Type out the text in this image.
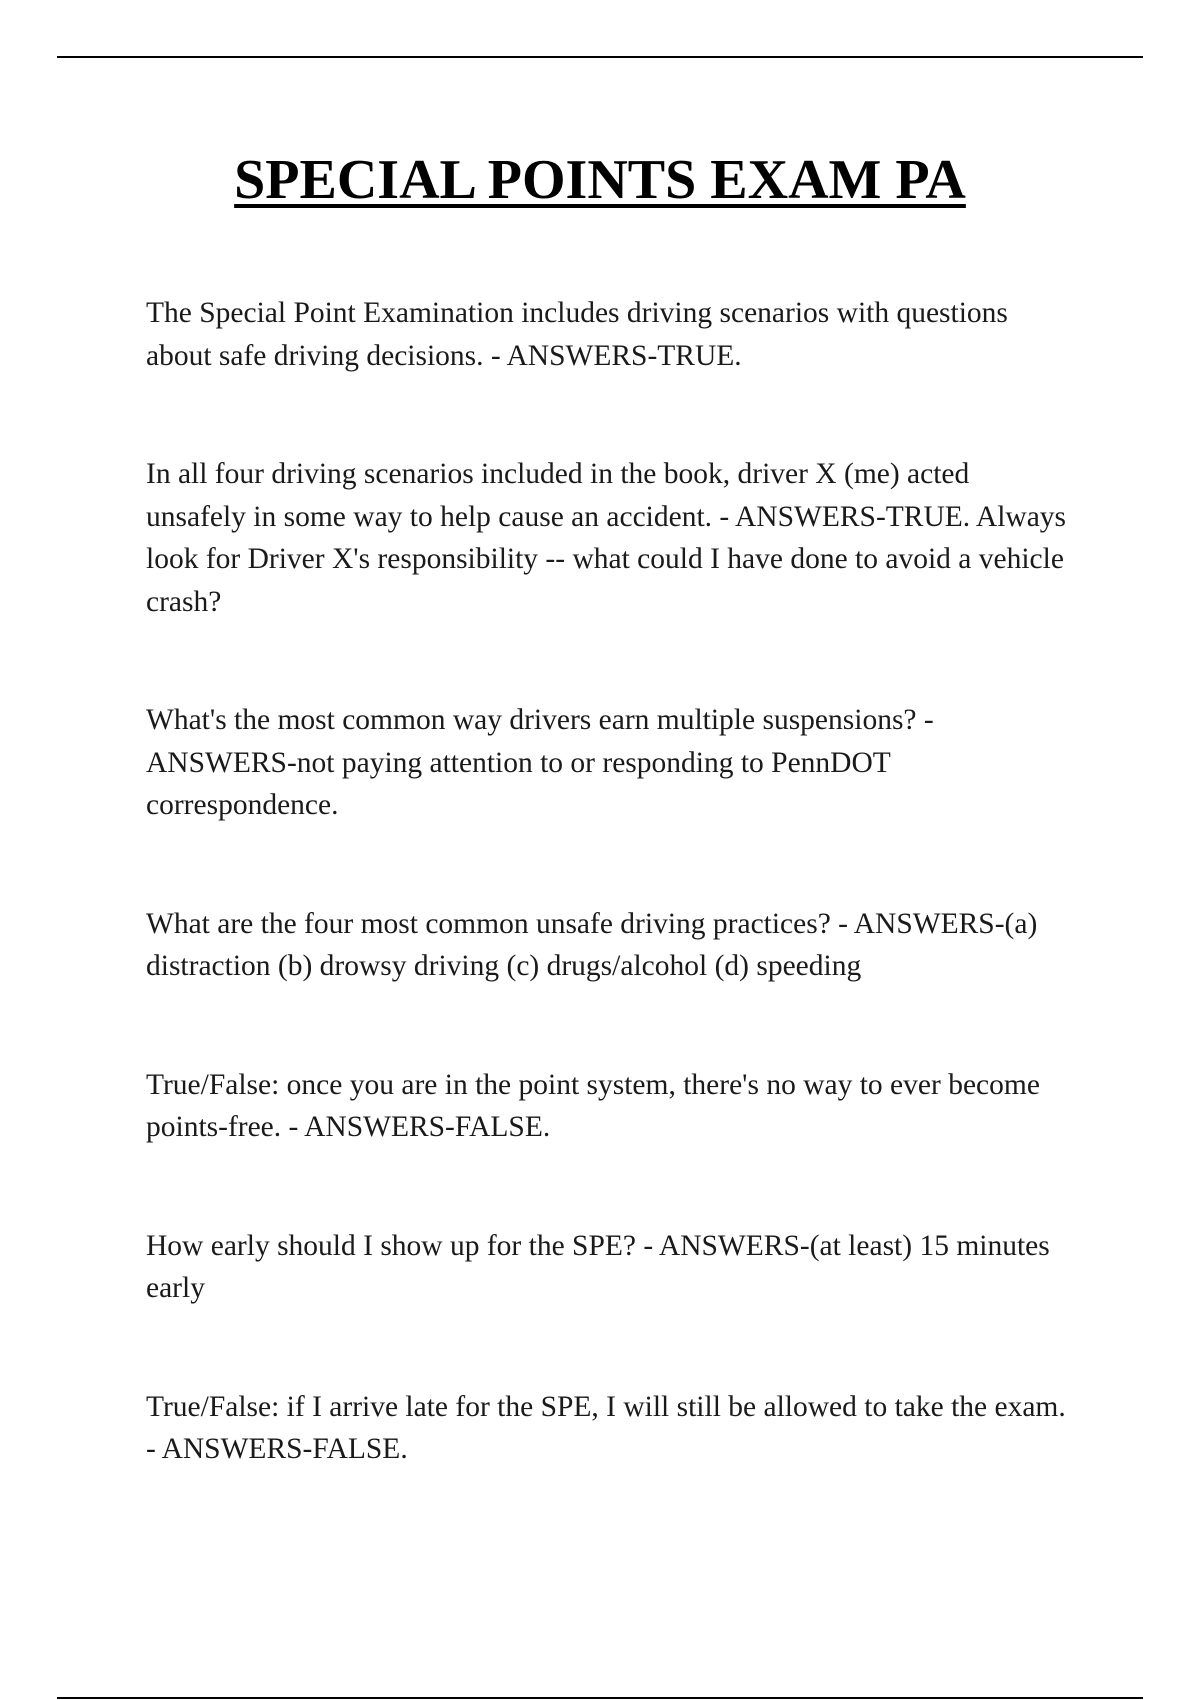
SPECIAL POINTS EXAM PA

The Special Point Examination includes driving scenarios with questions about safe driving decisions. - ANSWERS-TRUE.

In all four driving scenarios included in the book, driver X (me) acted unsafely in some way to help cause an accident. - ANSWERS-TRUE. Always look for Driver X's responsibility -- what could I have done to avoid a vehicle crash?

What's the most common way drivers earn multiple suspensions? - ANSWERS-not paying attention to or responding to PennDOT correspondence.

What are the four most common unsafe driving practices? - ANSWERS-(a) distraction (b) drowsy driving (c) drugs/alcohol (d) speeding

True/False: once you are in the point system, there's no way to ever become points-free. - ANSWERS-FALSE.

How early should I show up for the SPE? - ANSWERS-(at least) 15 minutes early

True/False: if I arrive late for the SPE, I will still be allowed to take the exam. - ANSWERS-FALSE.
